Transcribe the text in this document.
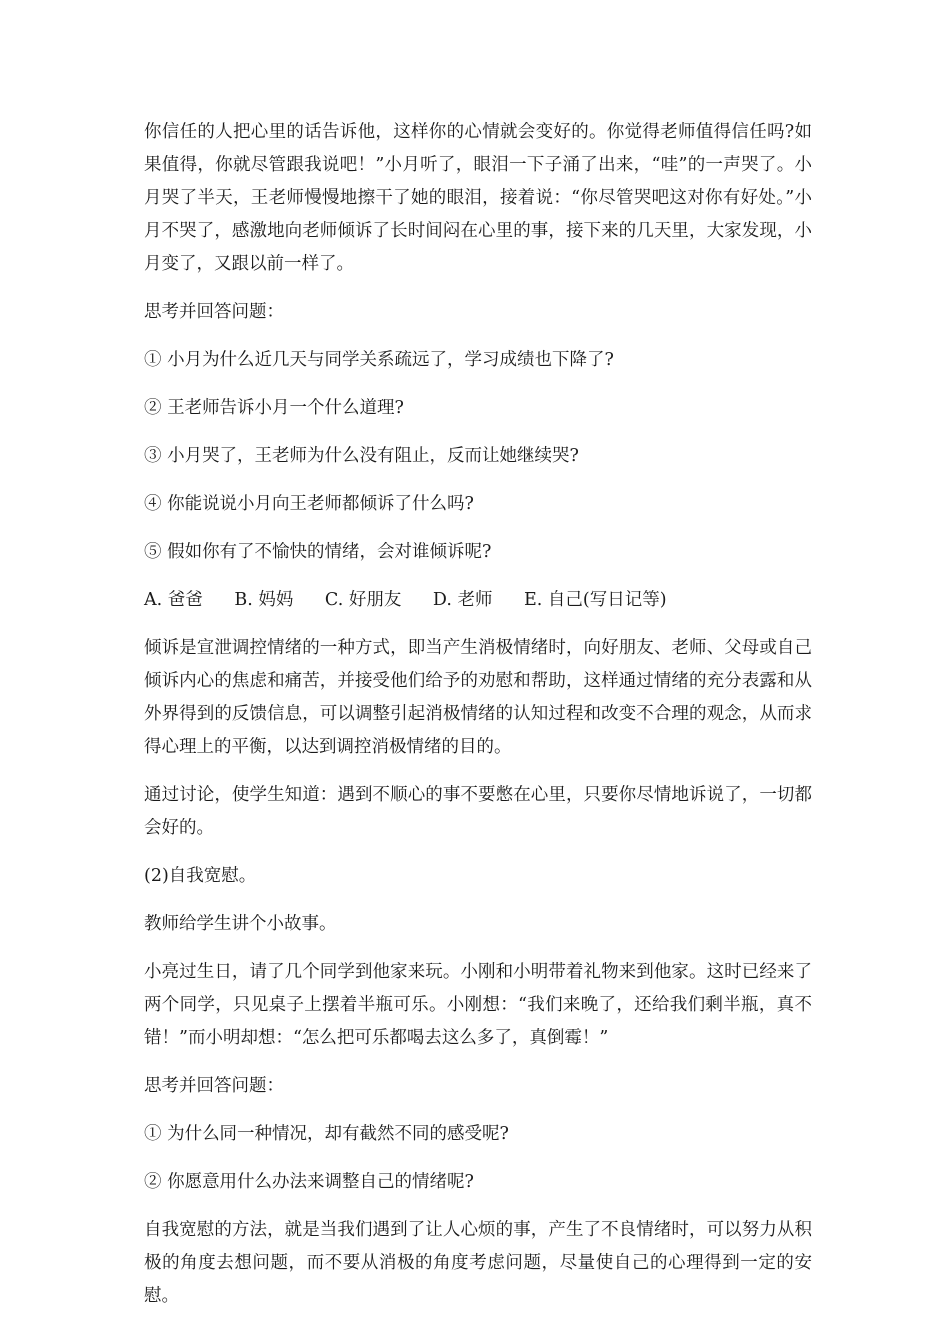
你信任的人把心里的话告诉他，这样你的心情就会变好的。你觉得老师值得信任吗?如果值得，你就尽管跟我说吧！”小月听了，眼泪一下子涌了出来，“哇”的一声哭了。小月哭了半天，王老师慢慢地擦干了她的眼泪，接着说：“你尽管哭吧这对你有好处。”小月不哭了，感激地向老师倾诉了长时间闷在心里的事，接下来的几天里，大家发现，小月变了，又跟以前一样了。

思考并回答问题：

① 小月为什么近几天与同学关系疏远了，学习成绩也下降了?

② 王老师告诉小月一个什么道理?

③ 小月哭了，王老师为什么没有阻止，反而让她继续哭?

④ 你能说说小月向王老师都倾诉了什么吗?

⑤ 假如你有了不愉快的情绪，会对谁倾诉呢?

A. 爸爸 B. 妈妈 C. 好朋友 D. 老师 E. 自己(写日记等)

倾诉是宣泄调控情绪的一种方式，即当产生消极情绪时，向好朋友、老师、父母或自己倾诉内心的焦虑和痛苦，并接受他们给予的劝慰和帮助，这样通过情绪的充分表露和从外界得到的反馈信息，可以调整引起消极情绪的认知过程和改变不合理的观念，从而求得心理上的平衡，以达到调控消极情绪的目的。

通过讨论，使学生知道：遇到不顺心的事不要憋在心里，只要你尽情地诉说了，一切都会好的。

(2)自我宽慰。

教师给学生讲个小故事。

小亮过生日，请了几个同学到他家来玩。小刚和小明带着礼物来到他家。这时已经来了两个同学，只见桌子上摆着半瓶可乐。小刚想：“我们来晚了，还给我们剩半瓶，真不错！”而小明却想：“怎么把可乐都喝去这么多了，真倒霉！”

思考并回答问题：

① 为什么同一种情况，却有截然不同的感受呢?

② 你愿意用什么办法来调整自己的情绪呢?

自我宽慰的方法，就是当我们遇到了让人心烦的事，产生了不良情绪时，可以努力从积极的角度去想问题，而不要从消极的角度考虑问题，尽量使自己的心理得到一定的安慰。
